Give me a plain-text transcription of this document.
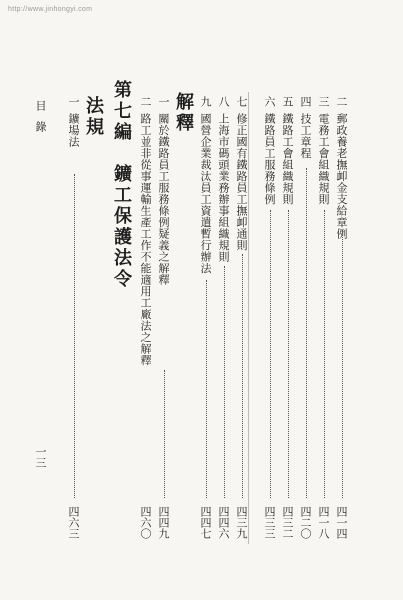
http://www.jinhongyi.com
二郵政養老撫卹金支給章例
四一四
三電務工會組織規則
四一八
四技工章程
四二〇
五鐵路工會組織規則
四三二
六鐵路員工服務條例
四三三
七修正國有鐵路員工撫卹通則
四三九
八上海市碼頭業務辦事組織規則
四四六
九國營企業裁汰員工資遣暫行辦法
四四七
解釋
一關於鐵路員工服務條例疑義之解釋
四四九
二路工並非從事運輸生產工作不能適用工廠法之解釋
四六〇
第七編　鑛工保護法令
法規
一鑛場法
四六三
目錄
一三
